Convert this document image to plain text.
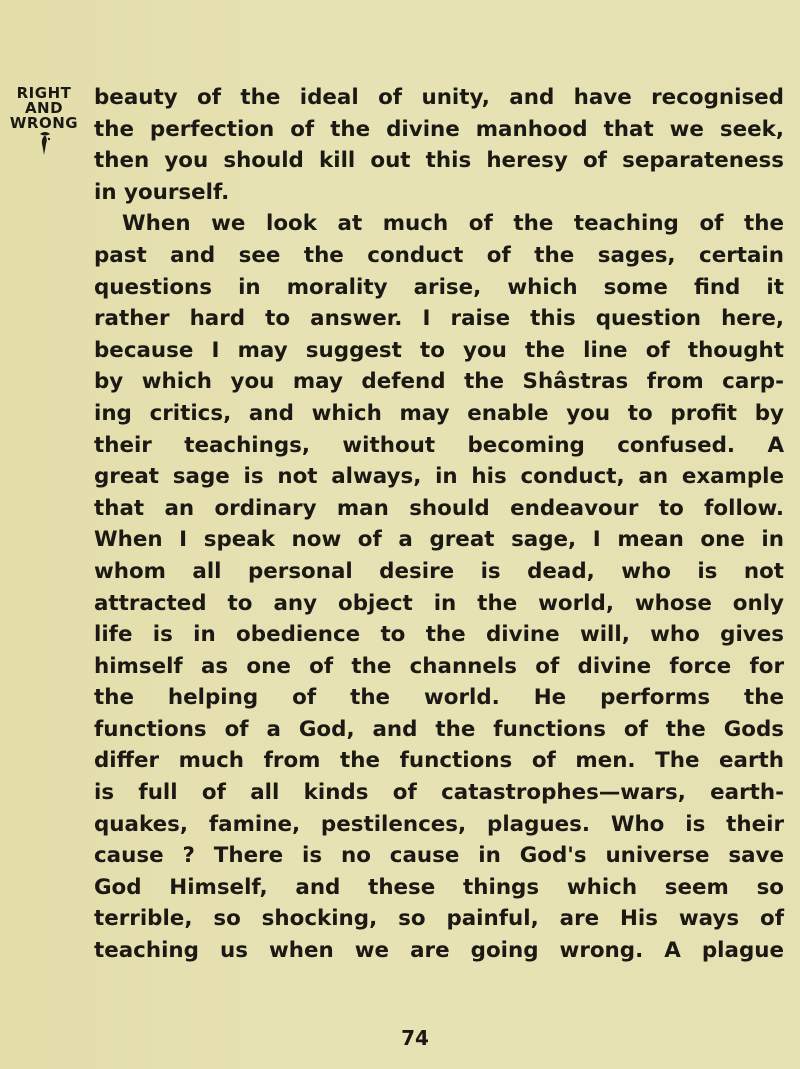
RIGHT AND
WRONG
beauty of the ideal of unity, and have recognised
the perfection of the divine manhood that we seek,
then you should kill out this heresy of separateness
in yourself.
When we look at much of the teaching of the
past and see the conduct of the sages, certain
questions in morality arise, which some find it
rather hard to answer. I raise this question here,
because I may suggest to you the line of thought
by which you may defend the Shâstras from carp-
ing critics, and which may enable you to profit by
their teachings, without becoming confused. A
great sage is not always, in his conduct, an example
that an ordinary man should endeavour to follow.
When I speak now of a great sage, I mean one in
whom all personal desire is dead, who is not
attracted to any object in the world, whose only
life is in obedience to the divine will, who gives
himself as one of the channels of divine force for
the helping of the world. He performs the
functions of a God, and the functions of the Gods
differ much from the functions of men. The earth
is full of all kinds of catastrophes—wars, earth-
quakes, famine, pestilences, plagues. Who is their
cause ? There is no cause in God's universe save
God Himself, and these things which seem so
terrible, so shocking, so painful, are His ways of
teaching us when we are going wrong. A plague
74
